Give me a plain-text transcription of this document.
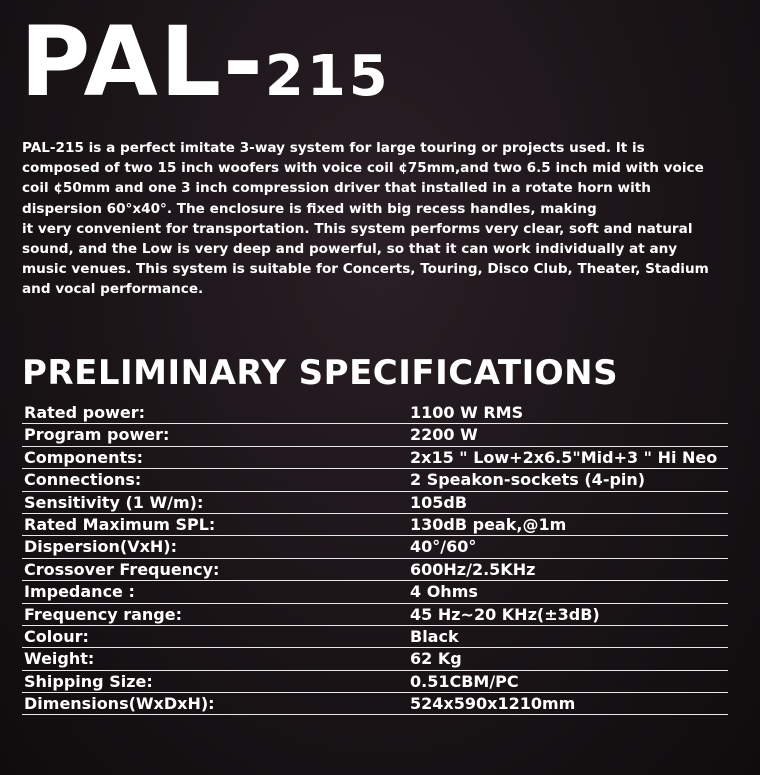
PAL-215

PAL-215 is a perfect imitate 3-way system for large touring or projects used. It is

composed of two 15 inch woofers with voice coil ¢75mm,and two 6.5 inch mid with voice

coil ¢50mm and one 3 inch compression driver that installed in a rotate horn with

dispersion 60°x40°. The enclosure is fixed with big recess handles, making

it very convenient for transportation. This system performs very clear, soft and natural

sound, and the Low is very deep and powerful, so that it can work individually at any

music venues. This system is suitable for Concerts, Touring, Disco Club, Theater, Stadium

and vocal performance.

PRELIMINARY SPECIFICATIONS
Rated power:	1100 W RMS
Program power:	2200 W
Components:	2x15 " Low+2x6.5"Mid+3 " Hi Neo
Connections:	2 Speakon-sockets (4-pin)
Sensitivity (1 W/m):	105dB
Rated Maximum SPL:	130dB peak,@1m
Dispersion(VxH):	40°/60°
Crossover Frequency:	600Hz/2.5KHz
Impedance :	4 Ohms
Frequency range:	45 Hz~20 KHz(±3dB)
Colour:	Black
Weight:	62 Kg
Shipping Size:	0.51CBM/PC
Dimensions(WxDxH):	524x590x1210mm
